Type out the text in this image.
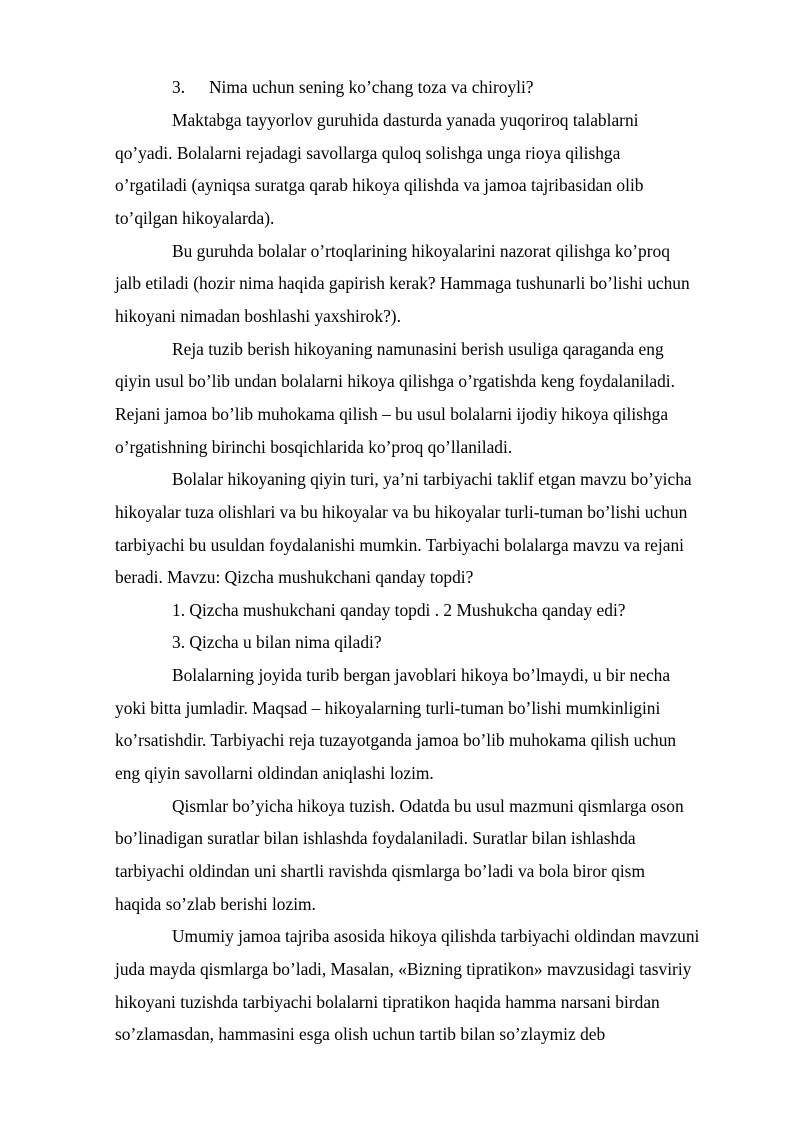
3. Nima uchun sening ko’chang toza va chiroyli?

Maktabga tayyorlov guruhida dasturda yanada yuqoriroq talablarni

qo’yadi. Bolalarni rejadagi savollarga quloq solishga unga rioya qilishga

o’rgatiladi (ayniqsa suratga qarab hikoya qilishda va jamoa tajribasidan olib

to’qilgan hikoyalarda).

Bu guruhda bolalar o’rtoqlarining hikoyalarini nazorat qilishga ko’proq

jalb etiladi (hozir nima haqida gapirish kerak? Hammaga tushunarli bo’lishi uchun

hikoyani nimadan boshlashi yaxshirok?).

Reja tuzib berish hikoyaning namunasini berish usuliga qaraganda eng

qiyin usul bo’lib undan bolalarni hikoya qilishga o’rgatishda keng foydalaniladi.

Rejani jamoa bo’lib muhokama qilish – bu usul bolalarni ijodiy hikoya qilishga

o’rgatishning birinchi bosqichlarida ko’proq qo’llaniladi.

Bolalar hikoyaning qiyin turi, ya’ni tarbiyachi taklif etgan mavzu bo’yicha

hikoyalar tuza olishlari va bu hikoyalar va bu hikoyalar turli-tuman bo’lishi uchun

tarbiyachi bu usuldan foydalanishi mumkin. Tarbiyachi bolalarga mavzu va rejani

beradi. Mavzu: Qizcha mushukchani qanday topdi?

1. Qizcha mushukchani qanday topdi . 2 Mushukcha qanday edi?

3. Qizcha u bilan nima qiladi?

Bolalarning joyida turib bergan javoblari hikoya bo’lmaydi, u bir necha

yoki bitta jumladir. Maqsad – hikoyalarning turli-tuman bo’lishi mumkinligini

ko’rsatishdir. Tarbiyachi reja tuzayotganda jamoa bo’lib muhokama qilish uchun

eng qiyin savollarni oldindan aniqlashi lozim.

Qismlar bo’yicha hikoya tuzish. Odatda bu usul mazmuni qismlarga oson

bo’linadigan suratlar bilan ishlashda foydalaniladi. Suratlar bilan ishlashda

tarbiyachi oldindan uni shartli ravishda qismlarga bo’ladi va bola biror qism

haqida so’zlab berishi lozim.

Umumiy jamoa tajriba asosida hikoya qilishda tarbiyachi oldindan mavzuni

juda mayda qismlarga bo’ladi, Masalan, «Bizning tipratikon» mavzusidagi tasviriy

hikoyani tuzishda tarbiyachi bolalarni tipratikon haqida hamma narsani birdan

so’zlamasdan, hammasini esga olish uchun tartib bilan so’zlaymiz deb
